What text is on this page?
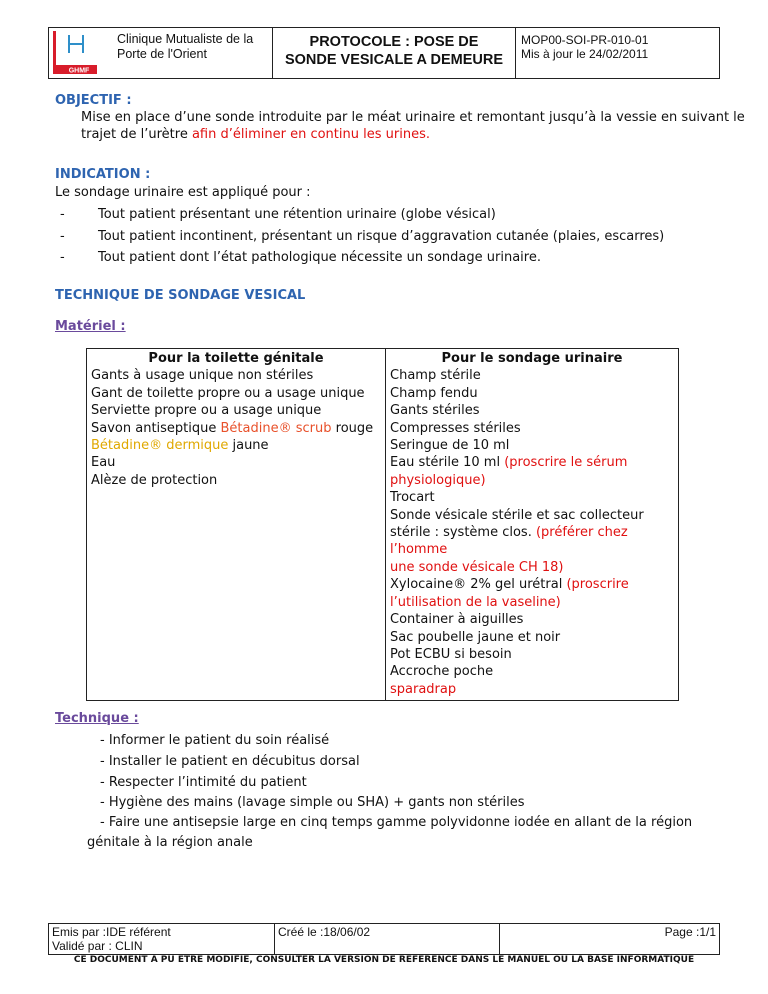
GHMF
Clinique Mutualiste de la
Porte de l'Orient

PROTOCOLE : POSE DE
SONDE VESICALE A DEMEURE

MOP00-SOI-PR-010-01
Mis à jour le 24/02/2011
OBJECTIF :
Mise en place d’une sonde introduite par le méat urinaire et remontant jusqu’à la vessie en suivant le
trajet de l’urètre afin d’éliminer en continu les urines.
INDICATION :
Le sondage urinaire est appliqué pour :
-	Tout patient présentant une rétention urinaire (globe vésical)
-	Tout patient incontinent, présentant un risque d’aggravation cutanée (plaies, escarres)
-	Tout patient dont l’état pathologique nécessite un sondage urinaire.
TECHNIQUE DE SONDAGE VESICAL
Matériel :
Pour la toilette génitale
Gants à usage unique non stériles
Gant de toilette propre ou a usage unique
Serviette propre ou a usage unique
Savon antiseptique Bétadine® scrub rouge
Bétadine® dermique jaune
Eau
Alèze de protection

Pour le sondage urinaire
Champ stérile
Champ fendu
Gants stériles
Compresses stériles
Seringue de 10 ml
Eau stérile 10 ml (proscrire le sérum
physiologique)
Trocart
Sonde vésicale stérile et sac collecteur
stérile : système clos. (préférer chez l’homme
une sonde vésicale CH 18)
Xylocaine® 2% gel urétral (proscrire
l’utilisation de la vaseline)
Container à aiguilles
Sac poubelle jaune et noir
Pot ECBU si besoin
Accroche poche
sparadrap
Technique :
- Informer le patient du soin réalisé
- Installer le patient en décubitus dorsal
- Respecter l’intimité du patient
- Hygiène des mains (lavage simple ou SHA) + gants non stériles
- Faire une antisepsie large en cinq temps gamme polyvidonne iodée en allant de la région
génitale à la région anale
Emis par :IDE référent
Validé par : CLIN
	Créé le :18/06/02	Page :1/1
CE DOCUMENT A PU ETRE MODIFIE, CONSULTER LA VERSION DE REFERENCE DANS LE MANUEL OU LA BASE INFORMATIQUE
